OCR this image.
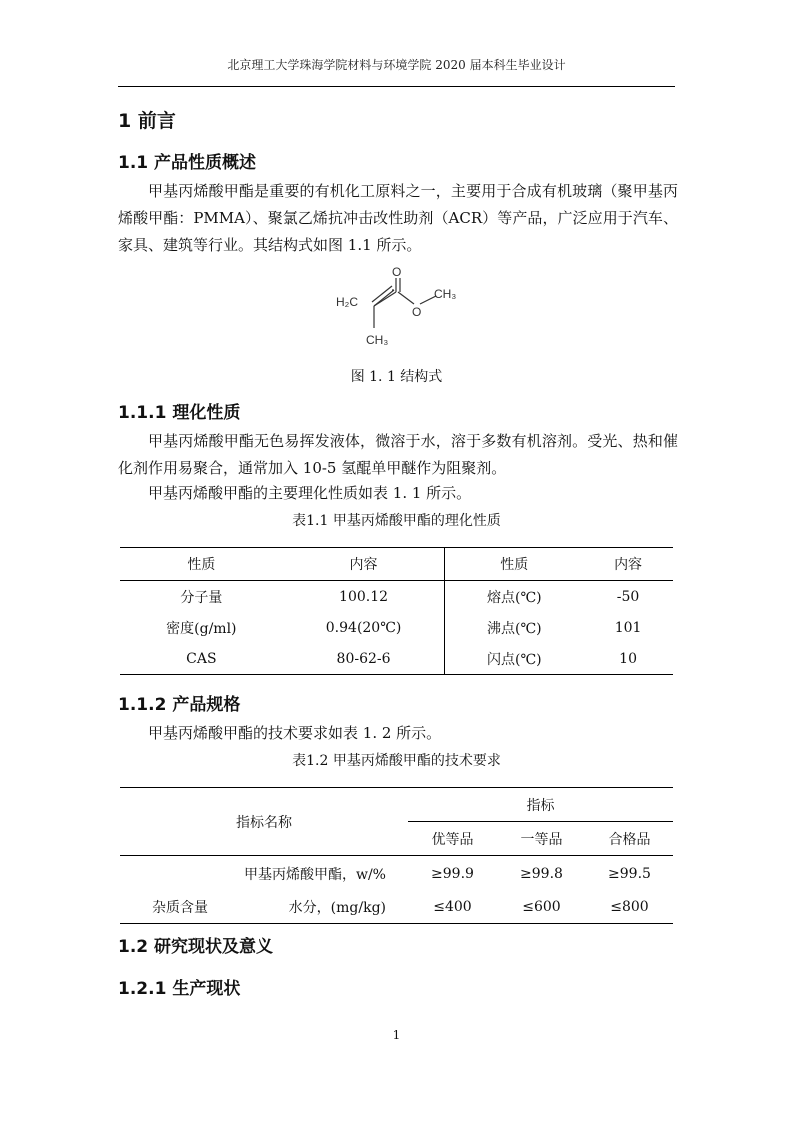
北京理工大学珠海学院材料与环境学院 2020 届本科生毕业设计
1 前言
1.1 产品性质概述
甲基丙烯酸甲酯是重要的有机化工原料之一，主要用于合成有机玻璃（聚甲基丙烯酸甲酯：PMMA）、聚氯乙烯抗冲击改性助剂（ACR）等产品，广泛应用于汽车、家具、建筑等行业。其结构式如图 1.1 所示。
H₂C
O
O
CH₃
CH₃
图 1. 1 结构式
1.1.1 理化性质
甲基丙烯酸甲酯无色易挥发液体，微溶于水，溶于多数有机溶剂。受光、热和催化剂作用易聚合，通常加入 10-5 氢醌单甲醚作为阻聚剂。
甲基丙烯酸甲酯的主要理化性质如表 1. 1 所示。
表1.1 甲基丙烯酸甲酯的理化性质
性质	内容	性质	内容
分子量	100.12	熔点(℃)	-50
密度(g/ml)	0.94(20℃)	沸点(℃)	101
CAS	80-62-6	闪点(℃)	10
1.1.2 产品规格
甲基丙烯酸甲酯的技术要求如表 1. 2 所示。
表1.2 甲基丙烯酸甲酯的技术要求
指标名称		指标		
		优等品	一等品	合格品
甲基丙烯酸甲酯，w/%		≥99.9	≥99.8	≥99.5
杂质含量	水分，(mg/kg)	≤400	≤600	≤800
1.2 研究现状及意义
1.2.1 生产现状
1
